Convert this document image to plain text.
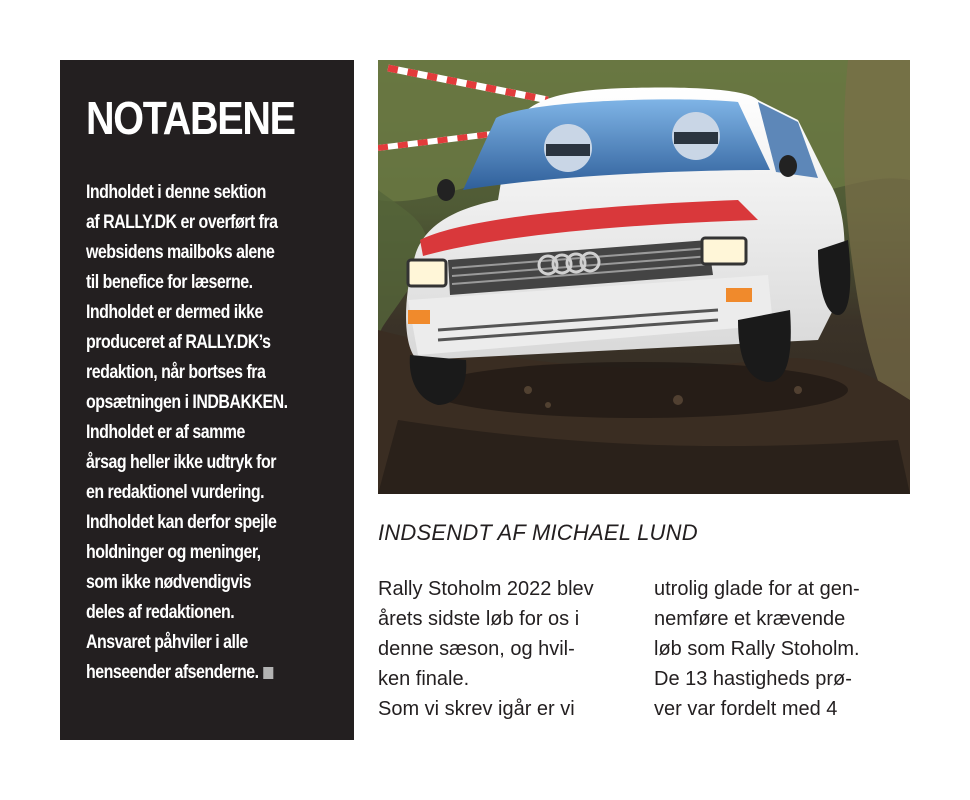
NOTABENE

Indholdet i denne sektion
af RALLY.DK er overført fra
websidens mailboks alene
til benefice for læserne.
Indholdet er dermed ikke
produceret af RALLY.DK’s
redaktion, når bortses fra
opsætningen i INDBAKKEN.
Indholdet er af samme
årsag heller ikke udtryk for
en redaktionel vurdering.
Indholdet kan derfor spejle
holdninger og meninger,
som ikke nødvendigvis
deles af redaktionen.
Ansvaret påhviler i alle
henseender afsenderne.

INDSENDT AF MICHAEL LUND

Rally Stoholm 2022 blev
årets sidste løb for os i
denne sæson, og hvil-
ken finale.
Som vi skrev igår er vi

utrolig glade for at gen-
nemføre et krævende
løb som Rally Stoholm.
De 13 hastigheds prø-
ver var fordelt med 4
